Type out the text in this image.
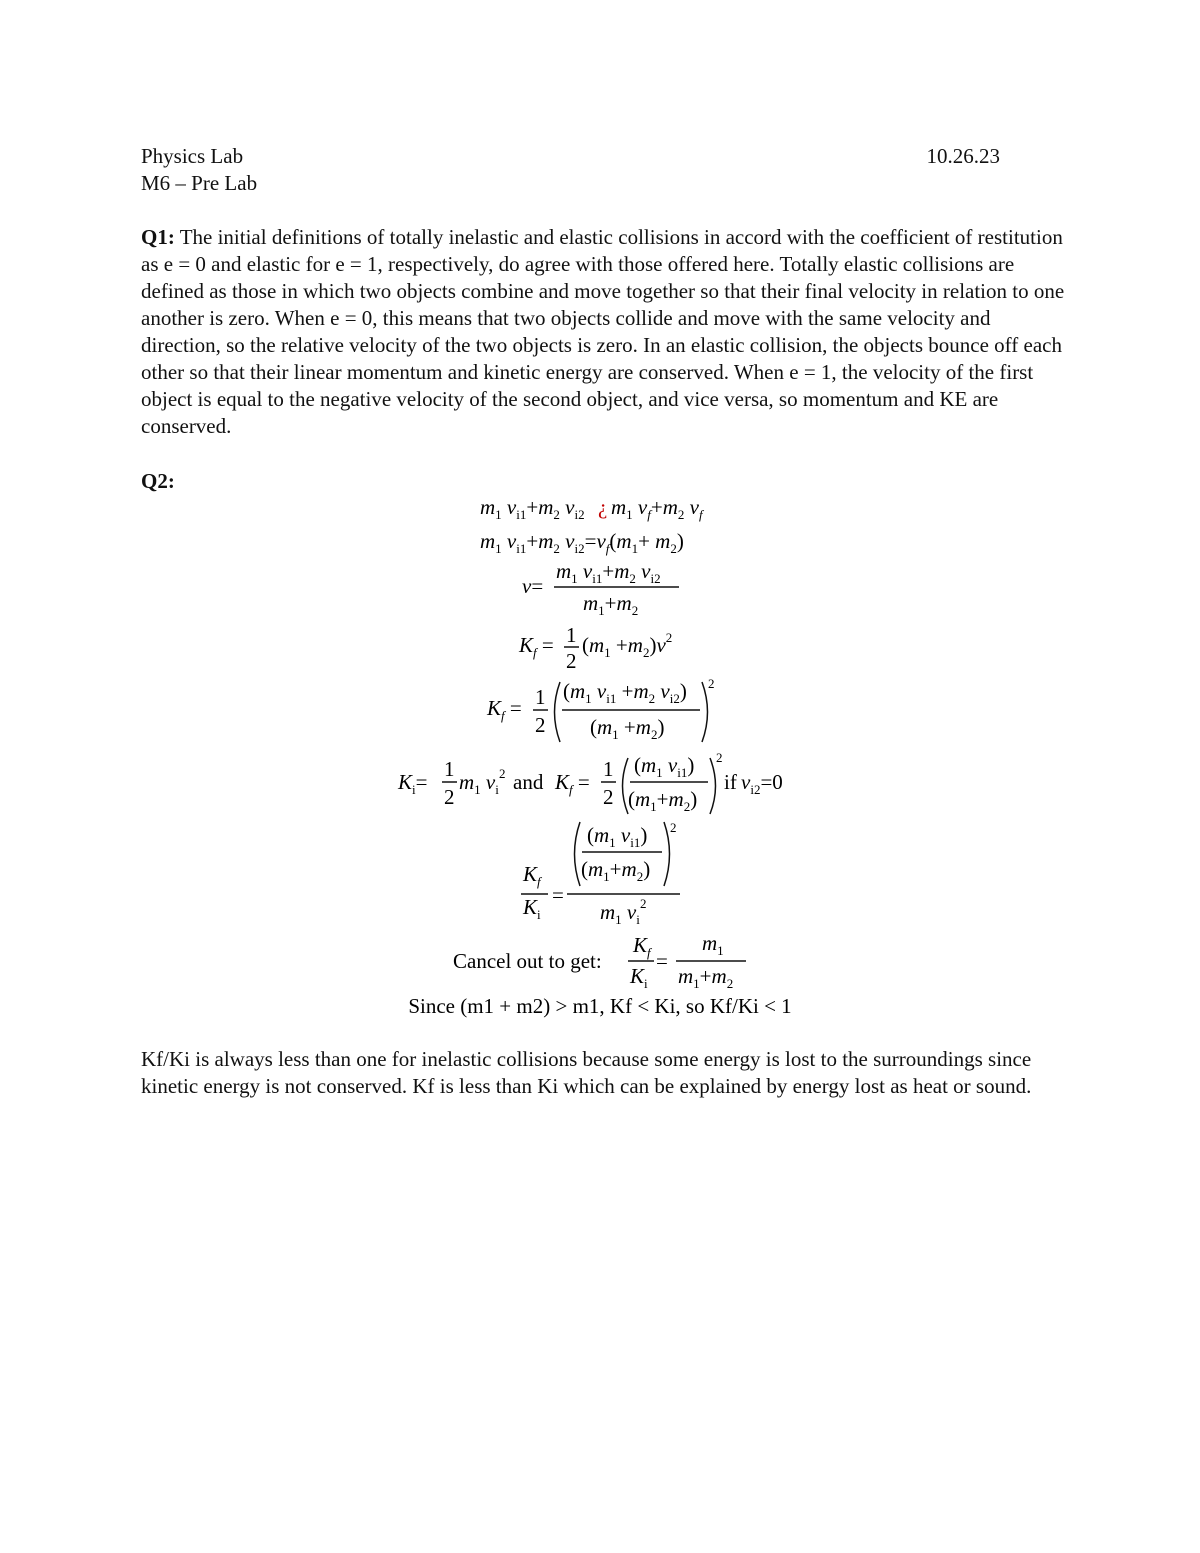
Physics Lab	10.26.23
M6 – Pre Lab
Q1: The initial definitions of totally inelastic and elastic collisions in accord with the coefficient of restitution as e = 0 and elastic for e = 1, respectively, do agree with those offered here. Totally elastic collisions are defined as those in which two objects combine and move together so that their final velocity in relation to one another is zero. When e = 0, this means that two objects collide and move with the same velocity and direction, so the relative velocity of the two objects is zero. In an elastic collision, the objects bounce off each other so that their linear momentum and kinetic energy are conserved. When e = 1, the velocity of the first object is equal to the negative velocity of the second object, and vice versa, so momentum and KE are conserved.
Q2:
$m_1$ $v_{i1}+m_2$ $v_{i2}$ ¿ $m_1$ $v_f+m_2$ $v_f$
$m_1$ $v_{i1}+m_2$ $v_{i2}=v_f(m_1+ m_2)$
v=
$m_1$ $v_{i1}+m_2$ $v_{i2}$
$m_1+m_2$
$K_f = 1$
2
$(m_1 +m_2)v^2$
$K_f = 1$
2
($m_1$ $v_{i1} +m_2$ $v_{i2}$)
$(m_1 +m_2)$
2
$K_i=$
1
2
$m_1$ $v_i$
2 and $K_f$ =
1
2
($m_1$ $v_{i1}$)
$(m_1+m_2)$
2
if $v_{i2}=0$
$K_f$
$K_i$
=
($m_1$ $v_{i1}$)
$(m_1+m_2)$
2
$m_1$ $v_i$
2
Cancel out to get:
$K_f$
$K_i$
=
$m_1$
$m_1+m_2$
Since (m1 + m2) > m1, Kf < Ki, so Kf/Ki < 1
Kf/Ki is always less than one for inelastic collisions because some energy is lost to the surroundings since kinetic energy is not conserved. Kf is less than Ki which can be explained by energy lost as heat or sound.
